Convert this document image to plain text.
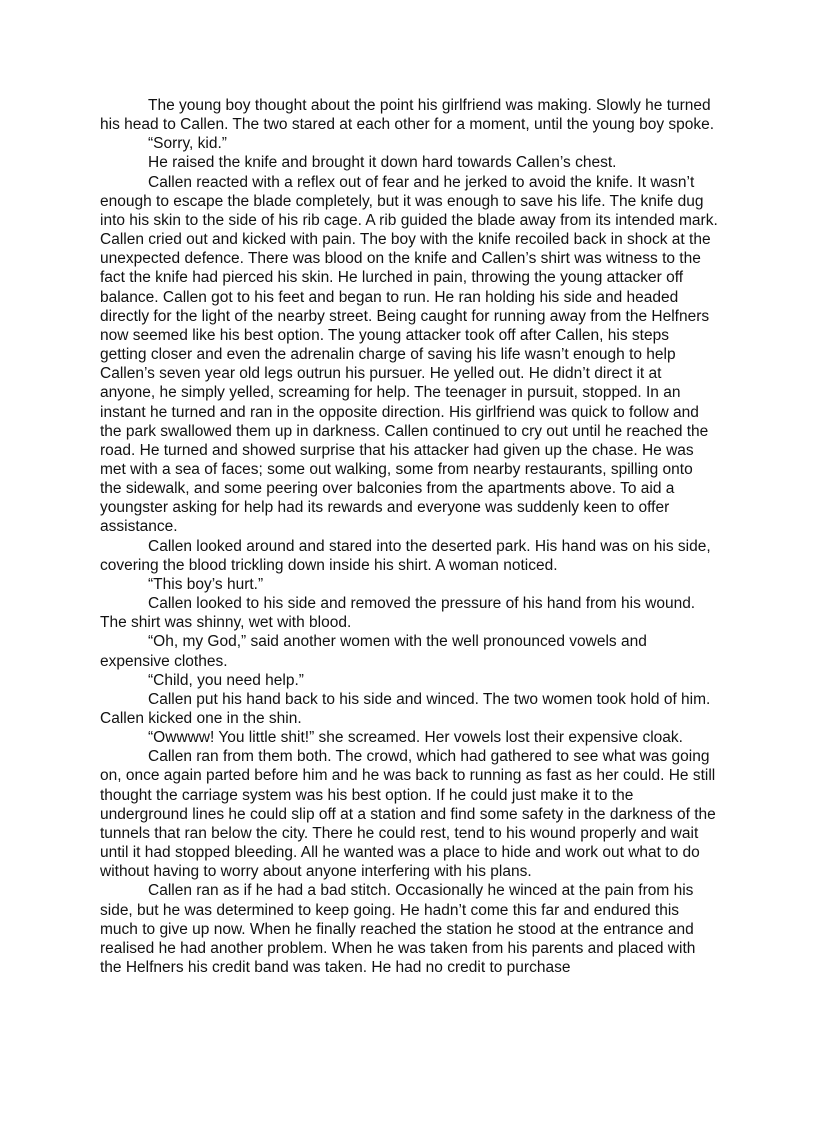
The young boy thought about the point his girlfriend was making. Slowly he turned his head to Callen. The two stared at each other for a moment, until the young boy spoke.

“Sorry, kid.”

He raised the knife and brought it down hard towards Callen’s chest.

Callen reacted with a reflex out of fear and he jerked to avoid the knife. It wasn’t enough to escape the blade completely, but it was enough to save his life. The knife dug into his skin to the side of his rib cage. A rib guided the blade away from its intended mark. Callen cried out and kicked with pain. The boy with the knife recoiled back in shock at the unexpected defence. There was blood on the knife and Callen’s shirt was witness to the fact the knife had pierced his skin. He lurched in pain, throwing the young attacker off balance. Callen got to his feet and began to run. He ran holding his side and headed directly for the light of the nearby street. Being caught for running away from the Helfners now seemed like his best option. The young attacker took off after Callen, his steps getting closer and even the adrenalin charge of saving his life wasn’t enough to help Callen’s seven year old legs outrun his pursuer. He yelled out. He didn’t direct it at anyone, he simply yelled, screaming for help. The teenager in pursuit, stopped. In an instant he turned and ran in the opposite direction. His girlfriend was quick to follow and the park swallowed them up in darkness. Callen continued to cry out until he reached the road. He turned and showed surprise that his attacker had given up the chase. He was met with a sea of faces; some out walking, some from nearby restaurants, spilling onto the sidewalk, and some peering over balconies from the apartments above. To aid a youngster asking for help had its rewards and everyone was suddenly keen to offer assistance.

Callen looked around and stared into the deserted park. His hand was on his side, covering the blood trickling down inside his shirt. A woman noticed.

“This boy’s hurt.”

Callen looked to his side and removed the pressure of his hand from his wound. The shirt was shinny, wet with blood.

“Oh, my God,” said another women with the well pronounced vowels and expensive clothes.

“Child, you need help.”

Callen put his hand back to his side and winced. The two women took hold of him. Callen kicked one in the shin.

“Owwww! You little shit!” she screamed. Her vowels lost their expensive cloak.

Callen ran from them both. The crowd, which had gathered to see what was going on, once again parted before him and he was back to running as fast as her could. He still thought the carriage system was his best option. If he could just make it to the underground lines he could slip off at a station and find some safety in the darkness of the tunnels that ran below the city. There he could rest, tend to his wound properly and wait until it had stopped bleeding. All he wanted was a place to hide and work out what to do without having to worry about anyone interfering with his plans.

Callen ran as if he had a bad stitch. Occasionally he winced at the pain from his side, but he was determined to keep going. He hadn’t come this far and endured this much to give up now. When he finally reached the station he stood at the entrance and realised he had another problem. When he was taken from his parents and placed with the Helfners his credit band was taken. He had no credit to purchase
